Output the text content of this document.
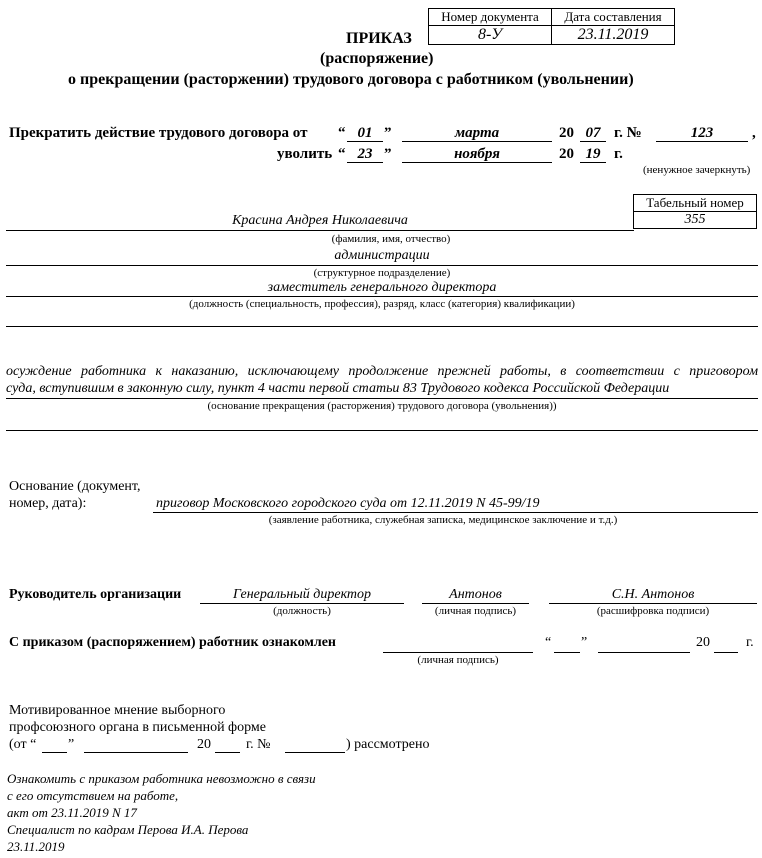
Номер документа	Дата составления
8-У	23.11.2019
ПРИКАЗ
(распоряжение)
о прекращении (расторжении) трудового договора с работником (увольнении)
Прекратить действие трудового договора от “ 01 ”	марта	20 07 г. №	123	,
уволить “ 23 ”	ноября	20 19 г.
(ненужное зачеркнуть)
Табельный номер
355
Красина Андрея Николаевича
(фамилия, имя, отчество)
администрации
(структурное подразделение)
заместитель генерального директора
(должность (специальность, профессия), разряд, класс (категория) квалификации)
осуждение работника к наказанию, исключающему продолжение прежней работы, в соответствии с приговором
суда, вступившим в законную силу, пункт 4 части первой статьи 83 Трудового кодекса Российской Федерации
(основание прекращения (расторжения) трудового договора (увольнения))
Основание (документ,
номер, дата):	приговор Московского городского суда от 12.11.2019 N 45-99/19
(заявление работника, служебная записка, медицинское заключение и т.д.)
Руководитель организации	Генеральный директор
(должность)
Антонов
(личная подпись)
С.Н. Антонов
(расшифровка подписи)
С приказом (распоряжением) работник ознакомлен
(личная подпись)
“ ”	20	г.
Мотивированное мнение выборного
профсоюзного органа в письменной форме
(от “ ”	20	г. №	) рассмотрено
Ознакомить с приказом работника невозможно в связи
с его отсутствием на работе,
акт от 23.11.2019 N 17
Специалист по кадрам Перова И.А. Перова
23.11.2019
